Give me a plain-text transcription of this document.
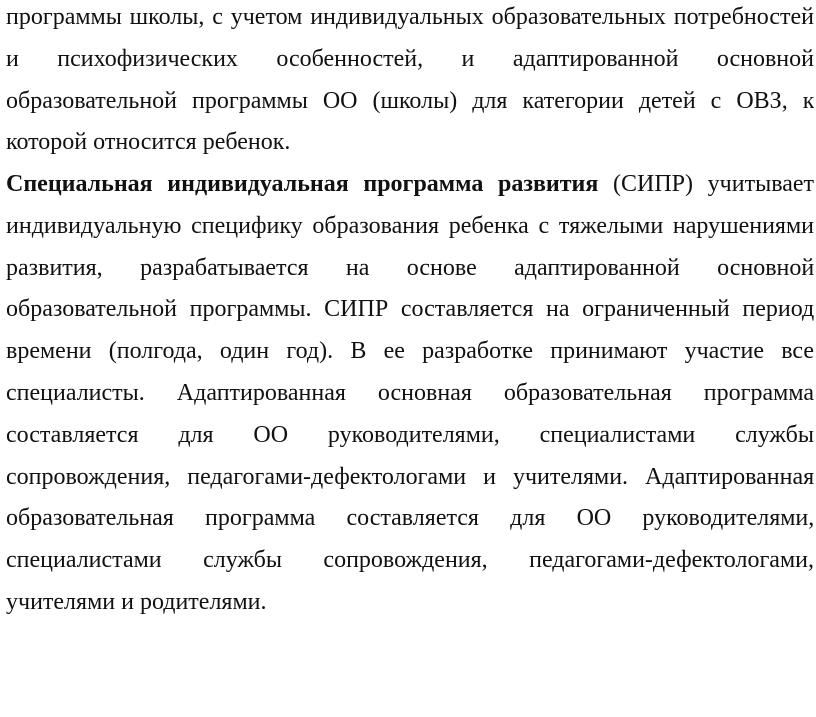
программы школы, с учетом индивидуальных образовательных потребностей
и психофизических особенностей, и адаптированной основной
образовательной программы ОО (школы) для категории детей с ОВЗ, к
которой относится ребенок.
Специальная индивидуальная программа развития (СИПР) учитывает
индивидуальную специфику образования ребенка с тяжелыми нарушениями
развития, разрабатывается на основе адаптированной основной
образовательной программы. СИПР составляется на ограниченный период
времени (полгода, один год). В ее разработке принимают участие все
специалисты. Адаптированная основная образовательная программа
составляется для ОО руководителями, специалистами службы
сопровождения, педагогами-дефектологами и учителями. Адаптированная
образовательная программа составляется для ОО руководителями,
специалистами службы сопровождения, педагогами-дефектологами,
учителями и родителями.
